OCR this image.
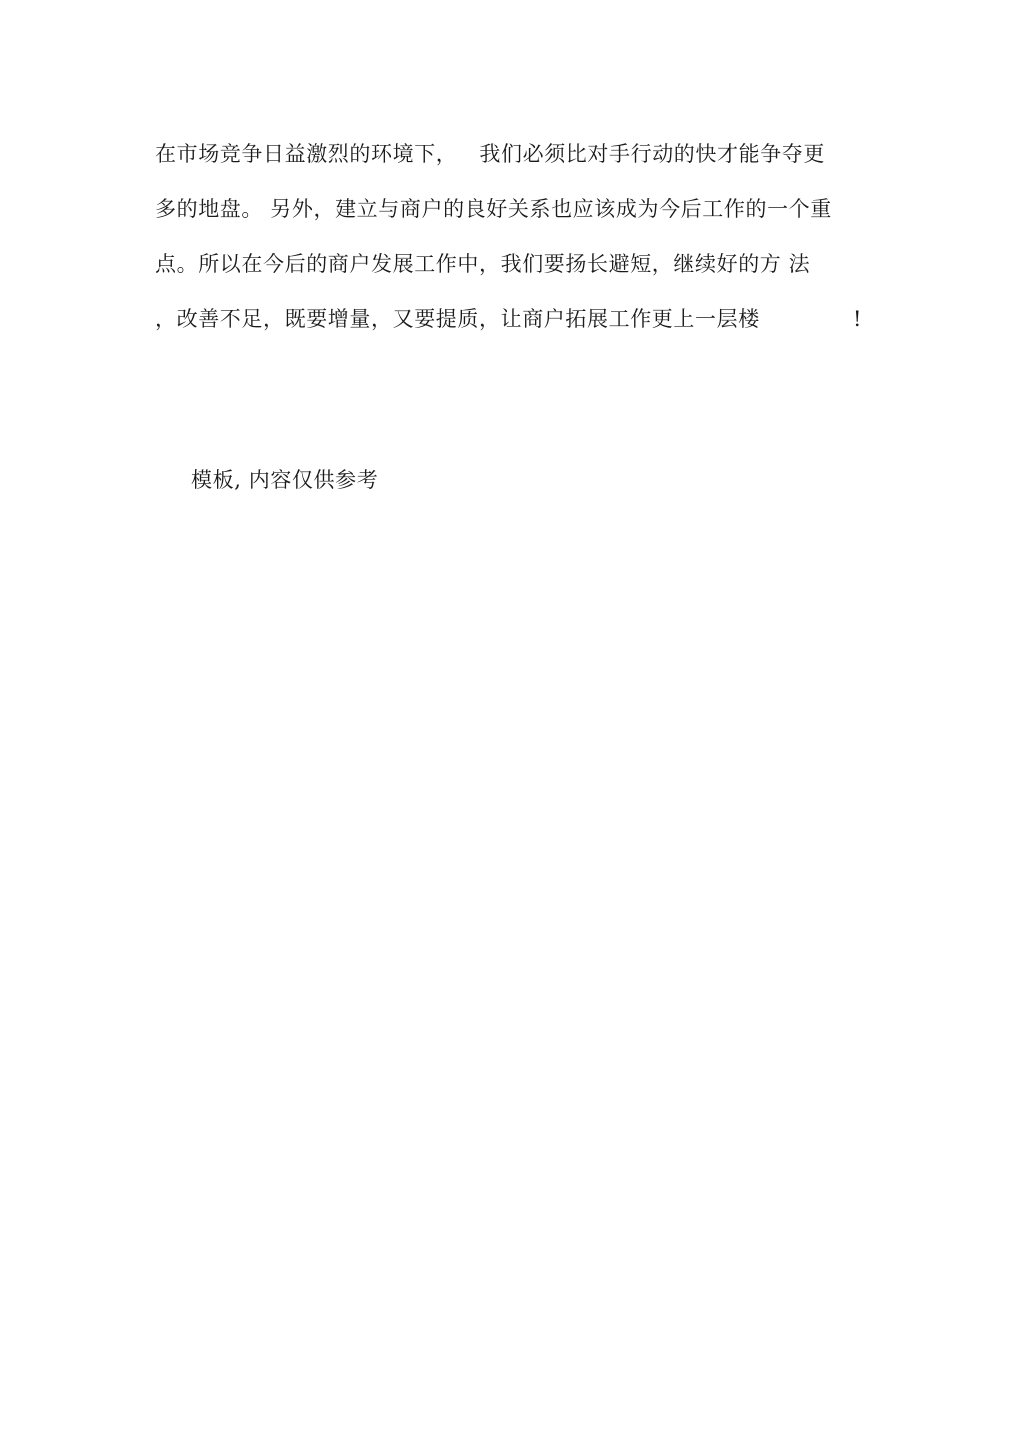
在市场竞争日益激烈的环境下， 我们必须比对手行动的快才能争夺更
多的地盘。 另外，建立与商户的良好关系也应该成为今后工作的一个重
点。所以在今后的商户发展工作中，我们要扬长避短，继续好的方 法
，改善不足，既要增量，又要提质，让商户拓展工作更上一层楼	!
模板, 内容仅供参考
